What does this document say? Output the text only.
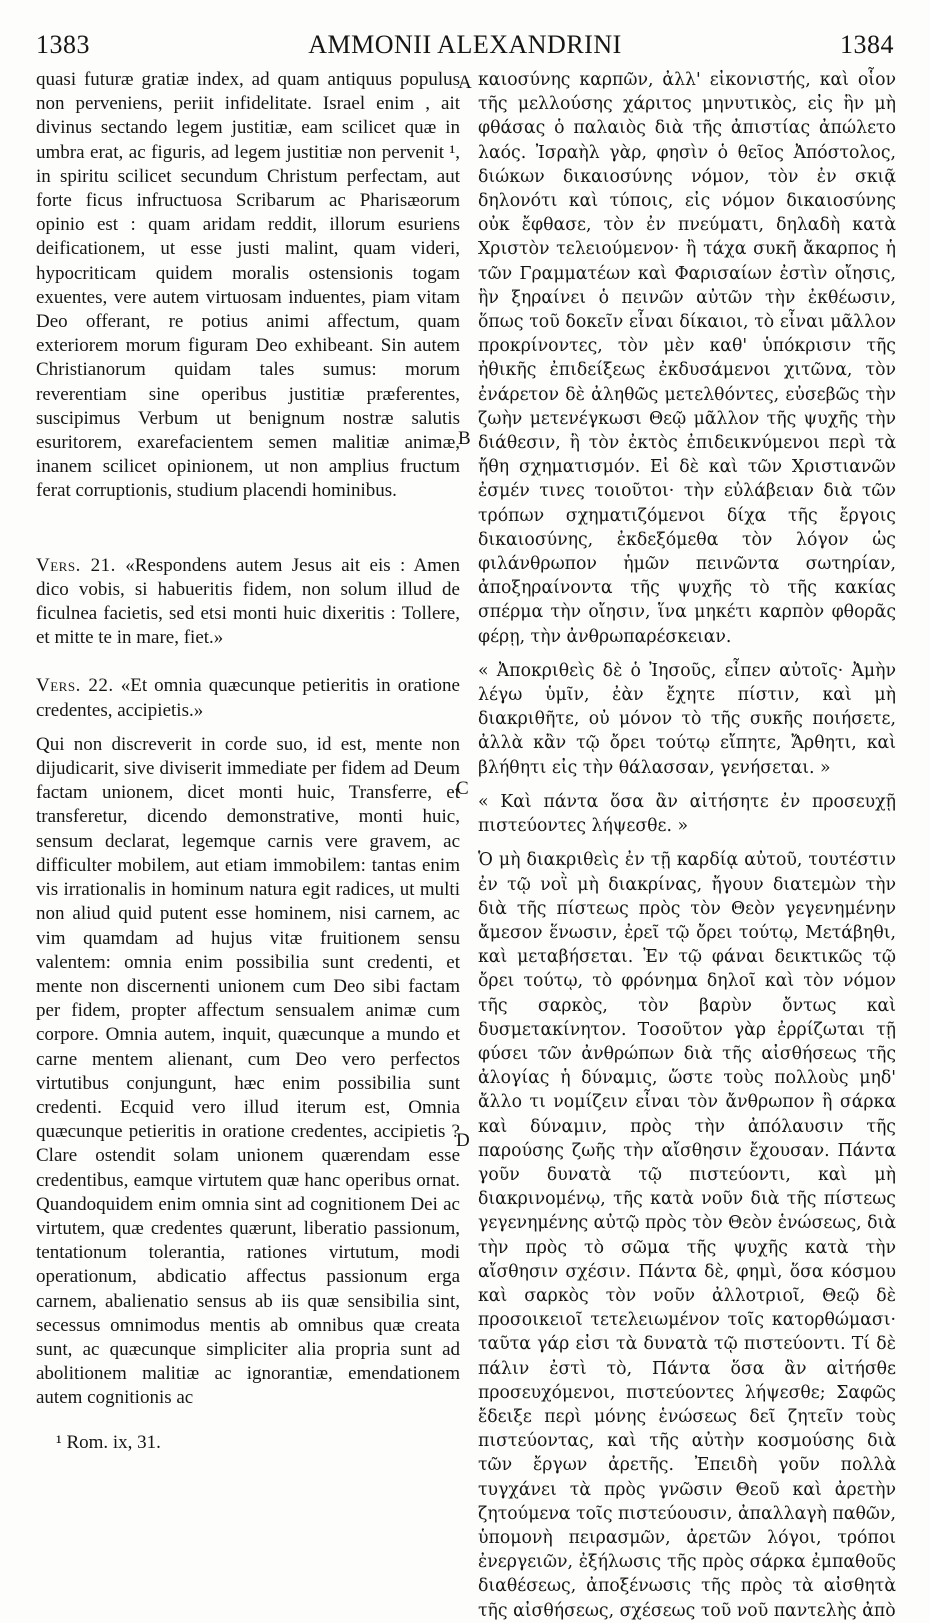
1383	AMMONII ALEXANDRINI	1384

quasi futuræ gratiæ index, ad quam antiquus populus non perveniens, periit infidelitate. Israel enim , ait divinus sectando legem justitiæ, eam scilicet quæ in umbra erat, ac figuris, ad legem justitiæ non pervenit ¹, in spiritu scilicet secundum Christum perfectam, aut forte ficus infructuosa Scribarum ac Pharisæorum opinio est : quam aridam reddit, illorum esuriens deificationem, ut esse justi malint, quam videri, hypocriticam quidem moralis ostensionis togam exuentes, vere autem virtuosam induentes, piam vitam Deo offerant, re potius animi affectum, quam exteriorem morum figuram Deo exhibeant. Sin autem Christianorum quidam tales sumus: morum reverentiam sine operibus justitiæ præferentes, suscipimus Verbum ut benignum nostræ salutis esuritorem, exarefacientem semen malitiæ animæ, inanem scilicet opinionem, ut non amplius fructum ferat corruptionis, studium placendi hominibus.

Vers. 21. «Respondens autem Jesus ait eis : Amen dico vobis, si habueritis fidem, non solum illud de ficulnea facietis, sed etsi monti huic dixeritis : Tollere, et mitte te in mare, fiet.»

Vers. 22. «Et omnia quæcunque petieritis in oratione credentes, accipietis.»

Qui non discreverit in corde suo, id est, mente non dijudicarit, sive diviserit immediate per fidem ad Deum factam unionem, dicet monti huic, Transferre, et transferetur, dicendo demonstrative, monti huic, sensum declarat, legemque carnis vere gravem, ac difficulter mobilem, aut etiam immobilem: tantas enim vis irrationalis in hominum natura egit radices, ut multi non aliud quid putent esse hominem, nisi carnem, ac vim quamdam ad hujus vitæ fruitionem sensu valentem: omnia enim possibilia sunt credenti, et mente non discernenti unionem cum Deo sibi factam per fidem, propter affectum sensualem animæ cum corpore. Omnia autem, inquit, quæcunque a mundo et carne mentem alienant, cum Deo vero perfectos virtutibus conjungunt, hæc enim possibilia sunt credenti. Ecquid vero illud iterum est, Omnia quæcunque petieritis in oratione credentes, accipietis ? Clare ostendit solam unionem quærendam esse credentibus, eamque virtutem quæ hanc operibus ornat. Quandoquidem enim omnia sint ad cognitionem Dei ac virtutem, quæ credentes quærunt, liberatio passionum, tentationum tolerantia, rationes virtutum, modi operationum, abdicatio affectus passionum erga carnem, abalienatio sensus ab iis quæ sensibilia sint, secessus omnimodus mentis ab omnibus quæ creata sunt, ac quæcunque simpliciter alia propria sunt ad abolitionem malitiæ ac ignorantiæ, emendationem autem cognitionis ac

A
B
C
D

καιοσύνης καρπῶν, ἀλλ' εἰκονιστής, καὶ οἷον τῆς μελλούσης χάριτος μηνυτικὸς, εἰς ἣν μὴ φθάσας ὁ παλαιὸς διὰ τῆς ἀπιστίας ἀπώλετο λαός. Ἰσραὴλ γὰρ, φησὶν ὁ θεῖος Ἀπόστολος, διώκων δικαιοσύνης νόμον, τὸν ἐν σκιᾷ δηλονότι καὶ τύποις, εἰς νόμον δικαιοσύνης οὐκ ἔφθασε, τὸν ἐν πνεύματι, δηλαδὴ κατὰ Χριστὸν τελειούμενον· ἢ τάχα συκῆ ἄκαρπος ἡ τῶν Γραμματέων καὶ Φαρισαίων ἐστὶν οἴησις, ἣν ξηραίνει ὁ πεινῶν αὐτῶν τὴν ἐκθέωσιν, ὅπως τοῦ δοκεῖν εἶναι δίκαιοι, τὸ εἶναι μᾶλλον προκρίνοντες, τὸν μὲν καθ' ὑπόκρισιν τῆς ἠθικῆς ἐπιδείξεως ἐκδυσάμενοι χιτῶνα, τὸν ἐνάρετον δὲ ἀληθῶς μετελθόντες, εὐσεβῶς τὴν ζωὴν μετενέγκωσι Θεῷ μᾶλλον τῆς ψυχῆς τὴν διάθεσιν, ἢ τὸν ἐκτὸς ἐπιδεικνύμενοι περὶ τὰ ἤθη σχηματισμόν. Εἰ δὲ καὶ τῶν Χριστιανῶν ἐσμέν τινες τοιοῦτοι· τὴν εὐλάβειαν διὰ τῶν τρόπων σχηματιζόμενοι δίχα τῆς ἔργοις δικαιοσύνης, ἐκδεξόμεθα τὸν λόγον ὡς φιλάνθρωπον ἡμῶν πεινῶντα σωτηρίαν, ἀποξηραίνοντα τῆς ψυχῆς τὸ τῆς κακίας σπέρμα τὴν οἴησιν, ἵνα μηκέτι καρπὸν φθορᾶς φέρῃ, τὴν ἀνθρωπαρέσκειαν.

« Ἀποκριθεὶς δὲ ὁ Ἰησοῦς, εἶπεν αὐτοῖς· Ἀμὴν λέγω ὑμῖν, ἐὰν ἔχητε πίστιν, καὶ μὴ διακριθῆτε, οὐ μόνον τὸ τῆς συκῆς ποιήσετε, ἀλλὰ κἂν τῷ ὄρει τούτῳ εἴπητε, Ἄρθητι, καὶ βλήθητι εἰς τὴν θάλασσαν, γενήσεται. »

« Καὶ πάντα ὅσα ἂν αἰτήσητε ἐν προσευχῇ πιστεύοντες λήψεσθε. »

Ὁ μὴ διακριθεὶς ἐν τῇ καρδίᾳ αὐτοῦ, τουτέστιν ἐν τῷ νοῒ μὴ διακρίνας, ἤγουν διατεμὼν τὴν διὰ τῆς πίστεως πρὸς τὸν Θεὸν γεγενημένην ἄμεσον ἕνωσιν, ἐρεῖ τῷ ὄρει τούτῳ, Μετάβηθι, καὶ μεταβήσεται. Ἐν τῷ φάναι δεικτικῶς τῷ ὄρει τούτῳ, τὸ φρόνημα δηλοῖ καὶ τὸν νόμον τῆς σαρκὸς, τὸν βαρὺν ὄντως καὶ δυσμετακίνητον. Τοσοῦτον γὰρ ἐρρίζωται τῇ φύσει τῶν ἀνθρώπων διὰ τῆς αἰσθήσεως τῆς ἀλογίας ἡ δύναμις, ὥστε τοὺς πολλοὺς μηδ' ἄλλο τι νομίζειν εἶναι τὸν ἄνθρωπον ἢ σάρκα καὶ δύναμιν, πρὸς τὴν ἀπόλαυσιν τῆς παρούσης ζωῆς τὴν αἴσθησιν ἔχουσαν. Πάντα γοῦν δυνατὰ τῷ πιστεύοντι, καὶ μὴ διακρινομένῳ, τῆς κατὰ νοῦν διὰ τῆς πίστεως γεγενημένης αὐτῷ πρὸς τὸν Θεὸν ἑνώσεως, διὰ τὴν πρὸς τὸ σῶμα τῆς ψυχῆς κατὰ τὴν αἴσθησιν σχέσιν. Πάντα δὲ, φημὶ, ὅσα κόσμου καὶ σαρκὸς τὸν νοῦν ἀλλοτριοῖ, Θεῷ δὲ προσοικειοῖ τετελειωμένον τοῖς κατορθώμασι· ταῦτα γάρ εἰσι τὰ δυνατὰ τῷ πιστεύοντι. Τί δὲ πάλιν ἐστὶ τὸ, Πάντα ὅσα ἂν αἰτήσθε προσευχόμενοι, πιστεύοντες λήψεσθε; Σαφῶς ἔδειξε περὶ μόνης ἑνώσεως δεῖ ζητεῖν τοὺς πιστεύοντας, καὶ τῆς αὐτὴν κοσμούσης διὰ τῶν ἔργων ἀρετῆς. Ἐπειδὴ γοῦν πολλὰ τυγχάνει τὰ πρὸς γνῶσιν Θεοῦ καὶ ἀρετὴν ζητούμενα τοῖς πιστεύουσιν, ἀπαλλαγὴ παθῶν, ὑπομονὴ πειρασμῶν, ἀρετῶν λόγοι, τρόποι ἐνεργειῶν, ἐξήλωσις τῆς πρὸς σάρκα ἐμπαθοῦς διαθέσεως, ἀποξένωσις τῆς πρὸς τὰ αἰσθητὰ τῆς αἰσθήσεως, σχέσεως τοῦ νοῦ παντελὴς ἀπὸ

¹ Rom. ix, 31.
